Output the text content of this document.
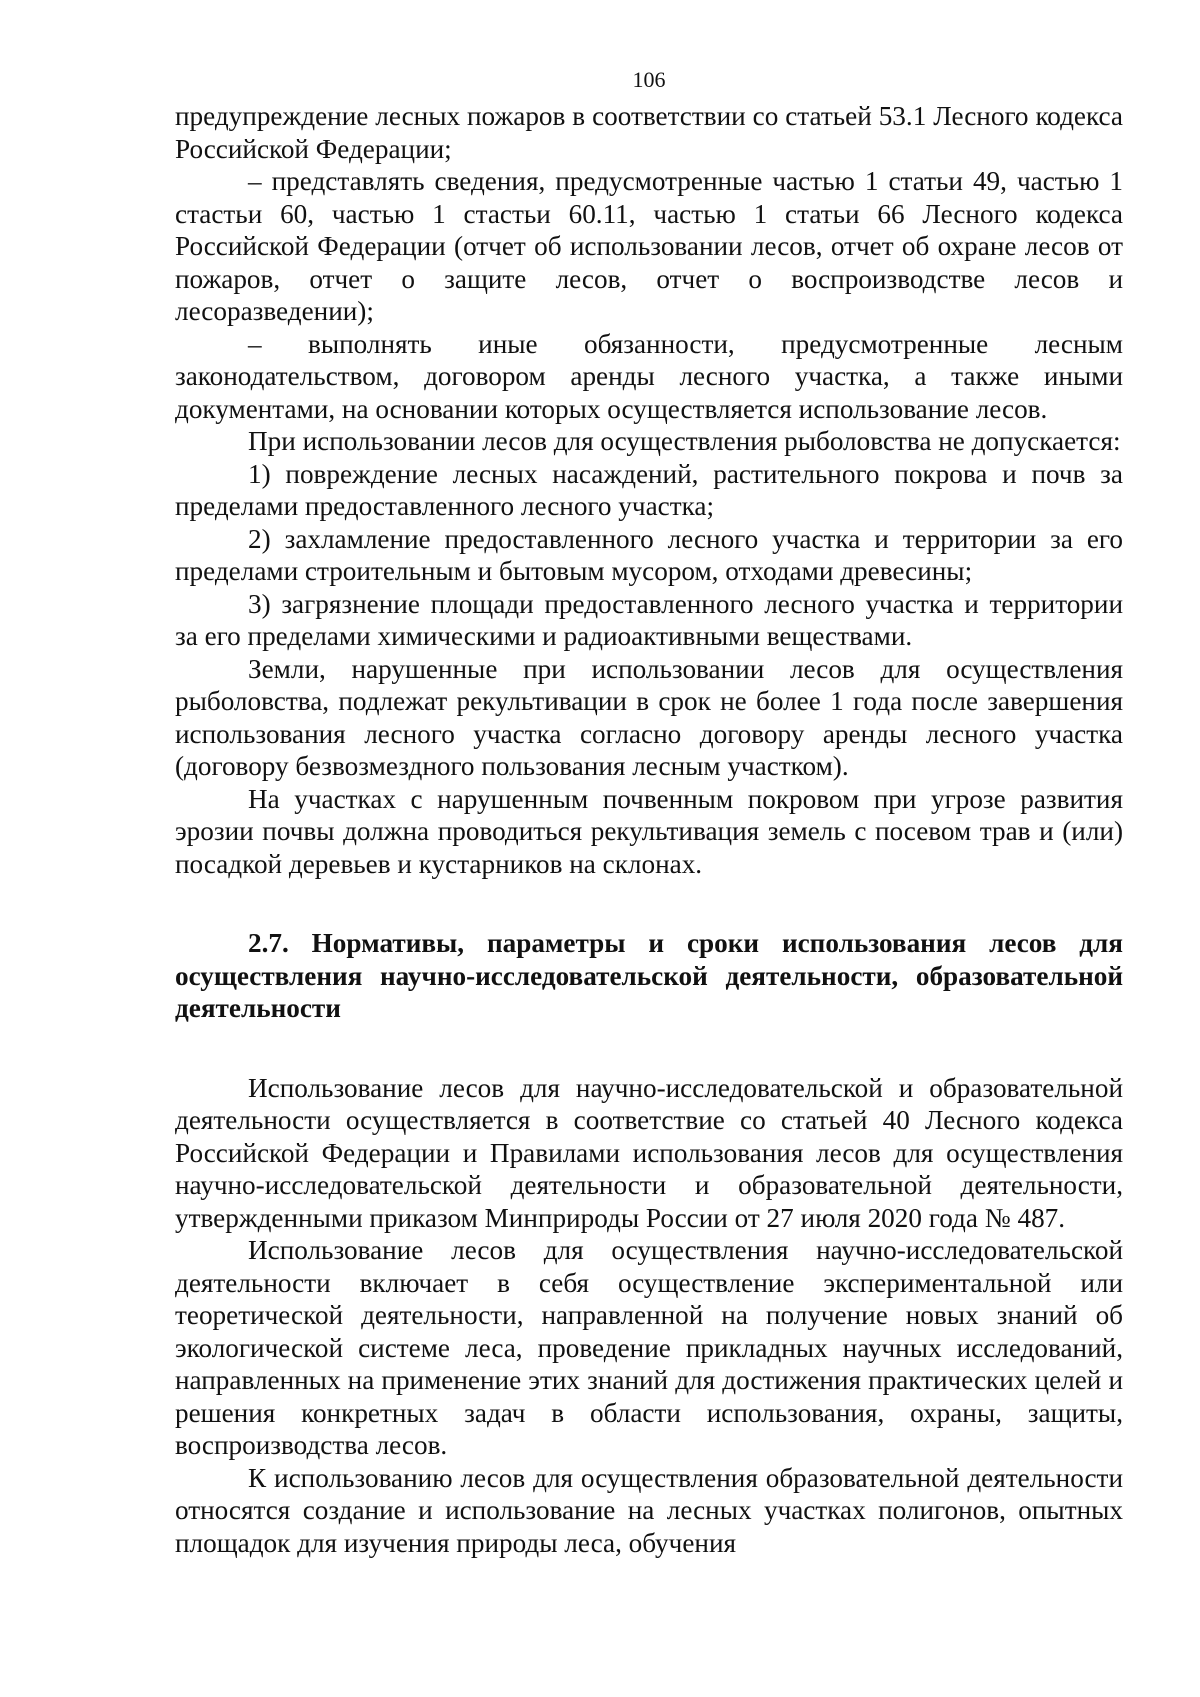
106

предупреждение лесных пожаров в соответствии со статьей 53.1 Лесного кодекса Российской Федерации;

– представлять сведения, предусмотренные частью 1 статьи 49, частью 1 стастьи 60, частью 1 стастьи 60.11, частью 1 статьи 66 Лесного кодекса Российской Федерации (отчет об использовании лесов, отчет об охране лесов от пожаров, отчет о защите лесов, отчет о воспроизводстве лесов и лесоразведении);

– выполнять иные обязанности, предусмотренные лесным законодательством, договором аренды лесного участка, а также иными документами, на основании которых осуществляется использование лесов.

При использовании лесов для осуществления рыболовства не допускается:

1) повреждение лесных насаждений, растительного покрова и почв за пределами предоставленного лесного участка;

2) захламление предоставленного лесного участка и территории за его пределами строительным и бытовым мусором, отходами древесины;

3) загрязнение площади предоставленного лесного участка и территории за его пределами химическими и радиоактивными веществами.

Земли, нарушенные при использовании лесов для осуществления рыболовства, подлежат рекультивации в срок не более 1 года после завершения использования лесного участка согласно договору аренды лесного участка (договору безвозмездного пользования лесным участком).

На участках с нарушенным почвенным покровом при угрозе развития эрозии почвы должна проводиться рекультивация земель с посевом трав и (или) посадкой деревьев и кустарников на склонах.

2.7. Нормативы, параметры и сроки использования лесов для осуществления научно-исследовательской деятельности, образовательной деятельности

Использование лесов для научно-исследовательской и образовательной деятельности осуществляется в соответствие со статьей 40 Лесного кодекса Российской Федерации и Правилами использования лесов для осуществления научно-исследовательской деятельности и образовательной деятельности, утвержденными приказом Минприроды России от 27 июля 2020 года № 487.

Использование лесов для осуществления научно-исследовательской деятельности включает в себя осуществление экспериментальной или теоретической деятельности, направленной на получение новых знаний об экологической системе леса, проведение прикладных научных исследований, направленных на применение этих знаний для достижения практических целей и решения конкретных задач в области использования, охраны, защиты, воспроизводства лесов.

К использованию лесов для осуществления образовательной деятельности относятся создание и использование на лесных участках полигонов, опытных площадок для изучения природы леса, обучения
